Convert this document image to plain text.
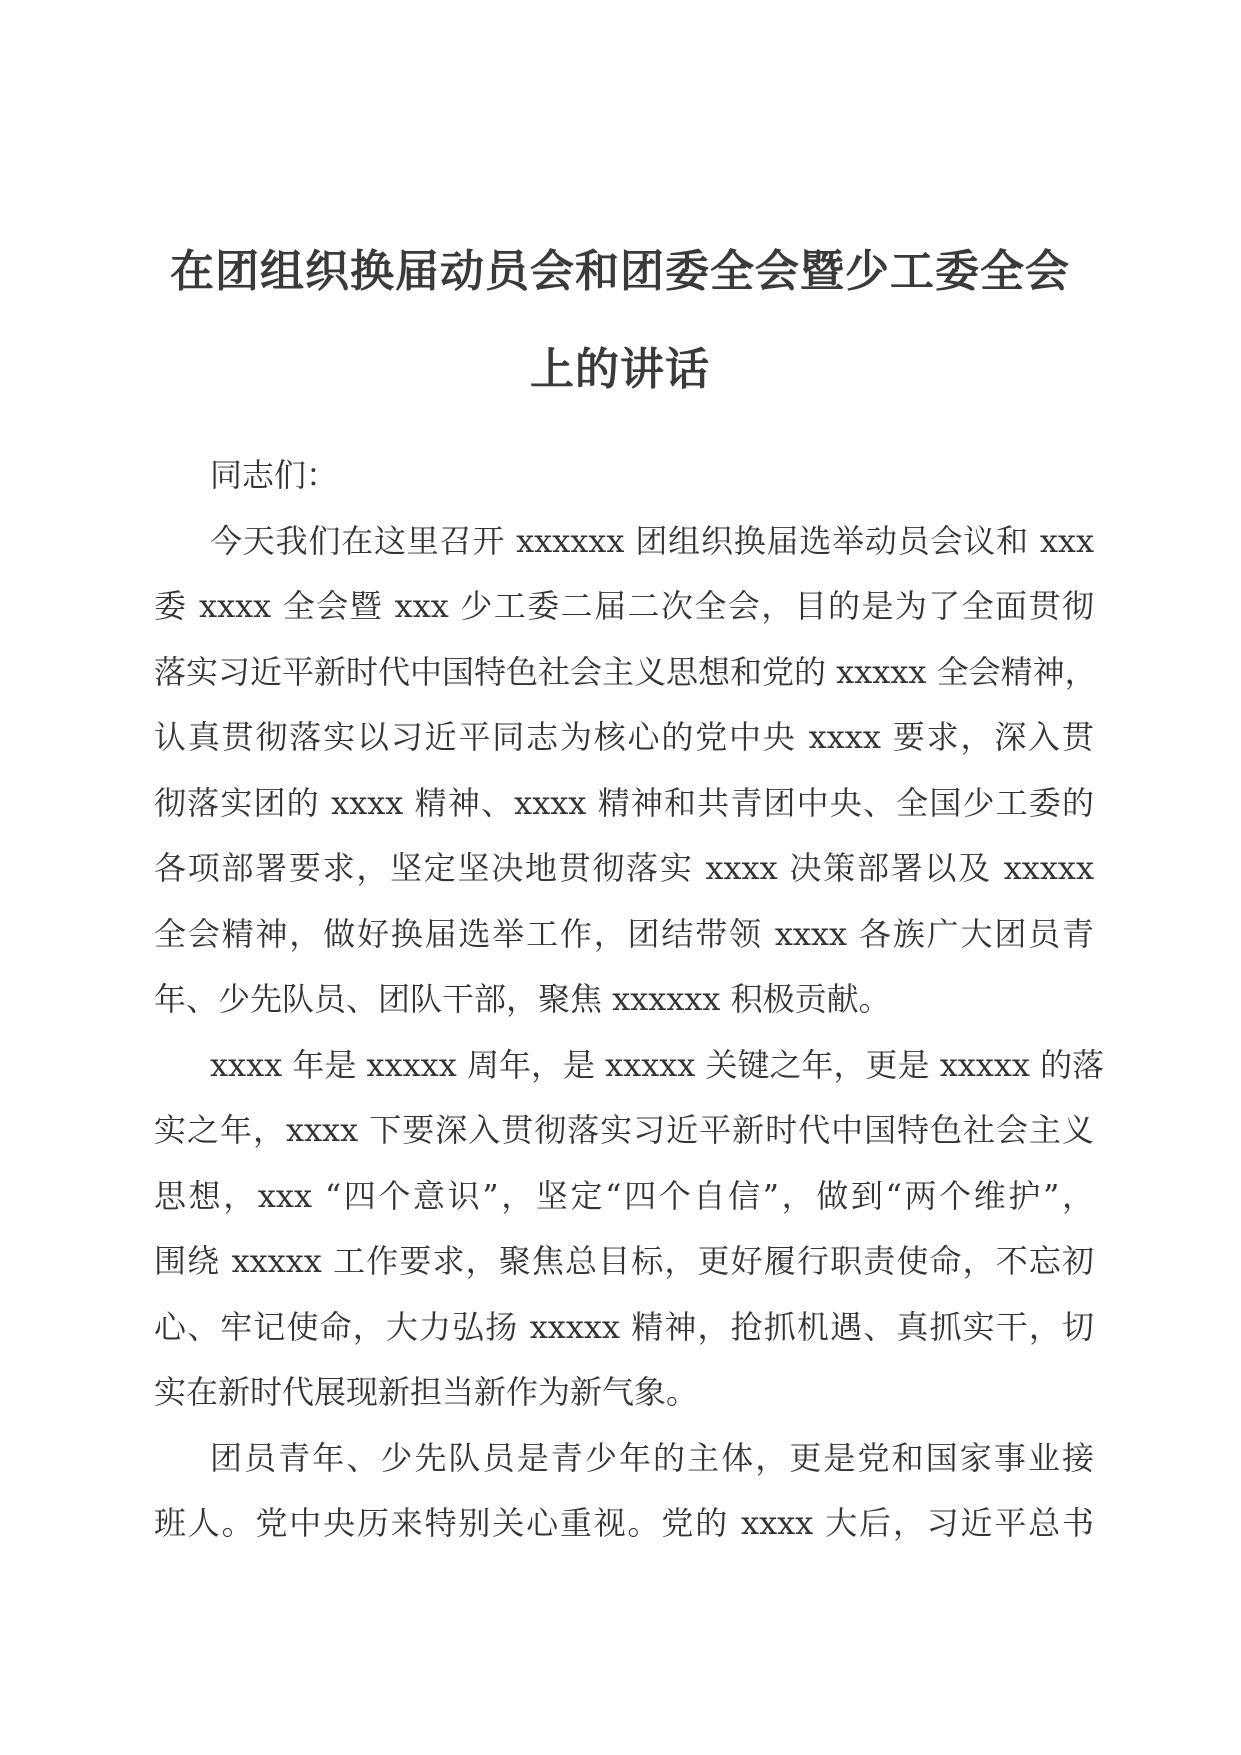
在团组织换届动员会和团委全会暨少工委全会
上的讲话
同志们：
今天我们在这里召开 xxxxxx 团组织换届选举动员会议和 xxx
委 xxxx 全会暨 xxx 少工委二届二次全会，目的是为了全面贯彻
落实习近平新时代中国特色社会主义思想和党的 xxxxx 全会精神，
认真贯彻落实以习近平同志为核心的党中央 xxxx 要求，深入贯
彻落实团的 xxxx 精神、xxxx 精神和共青团中央、全国少工委的
各项部署要求，坚定坚决地贯彻落实 xxxx 决策部署以及 xxxxx
全会精神，做好换届选举工作，团结带领 xxxx 各族广大团员青
年、少先队员、团队干部，聚焦 xxxxxx 积极贡献。
xxxx 年是 xxxxx 周年，是 xxxxx 关键之年，更是 xxxxx 的落
实之年，xxxx 下要深入贯彻落实习近平新时代中国特色社会主义
思想，xxx “四个意识”，坚定“四个自信”，做到“两个维护”，
围绕 xxxxx 工作要求，聚焦总目标，更好履行职责使命，不忘初
心、牢记使命，大力弘扬 xxxxx 精神，抢抓机遇、真抓实干，切
实在新时代展现新担当新作为新气象。
团员青年、少先队员是青少年的主体，更是党和国家事业接
班人。党中央历来特别关心重视。党的 xxxx 大后，习近平总书
